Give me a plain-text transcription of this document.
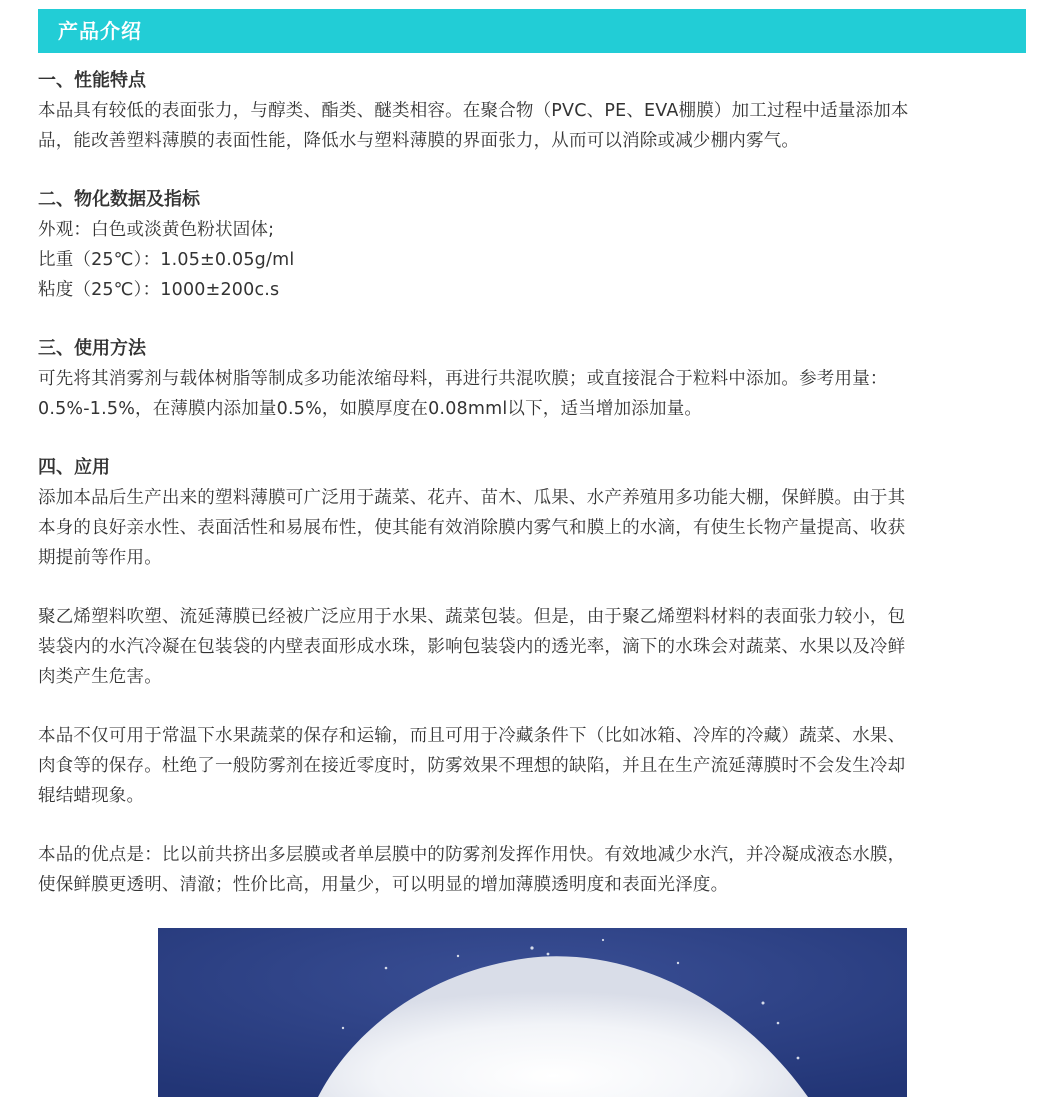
产品介绍
一、性能特点
本品具有较低的表面张力，与醇类、酯类、醚类相容。在聚合物（PVC、PE、EVA棚膜）加工过程中适量添加本
品，能改善塑料薄膜的表面性能，降低水与塑料薄膜的界面张力，从而可以消除或减少棚内雾气。
二、物化数据及指标
外观：白色或淡黄色粉状固体;
比重（25℃）：1.05±0.05g/ml
粘度（25℃）：1000±200c.s
三、使用方法
可先将其消雾剂与载体树脂等制成多功能浓缩母料，再进行共混吹膜；或直接混合于粒料中添加。参考用量：
0.5%-1.5%，在薄膜内添加量0.5%，如膜厚度在0.08mml以下，适当增加添加量。
四、应用
添加本品后生产出来的塑料薄膜可广泛用于蔬菜、花卉、苗木、瓜果、水产养殖用多功能大棚，保鲜膜。由于其
本身的良好亲水性、表面活性和易展布性，使其能有效消除膜内雾气和膜上的水滴，有使生长物产量提高、收获
期提前等作用。
聚乙烯塑料吹塑、流延薄膜已经被广泛应用于水果、蔬菜包装。但是，由于聚乙烯塑料材料的表面张力较小，包
装袋内的水汽冷凝在包装袋的内壁表面形成水珠，影响包装袋内的透光率，滴下的水珠会对蔬菜、水果以及冷鲜
肉类产生危害。
本品不仅可用于常温下水果蔬菜的保存和运输，而且可用于冷藏条件下（比如冰箱、冷库的冷藏）蔬菜、水果、
肉食等的保存。杜绝了一般防雾剂在接近零度时，防雾效果不理想的缺陷，并且在生产流延薄膜时不会发生冷却
辊结蜡现象。
本品的优点是：比以前共挤出多层膜或者单层膜中的防雾剂发挥作用快。有效地减少水汽，并冷凝成液态水膜，
使保鲜膜更透明、清澈；性价比高，用量少，可以明显的增加薄膜透明度和表面光泽度。
